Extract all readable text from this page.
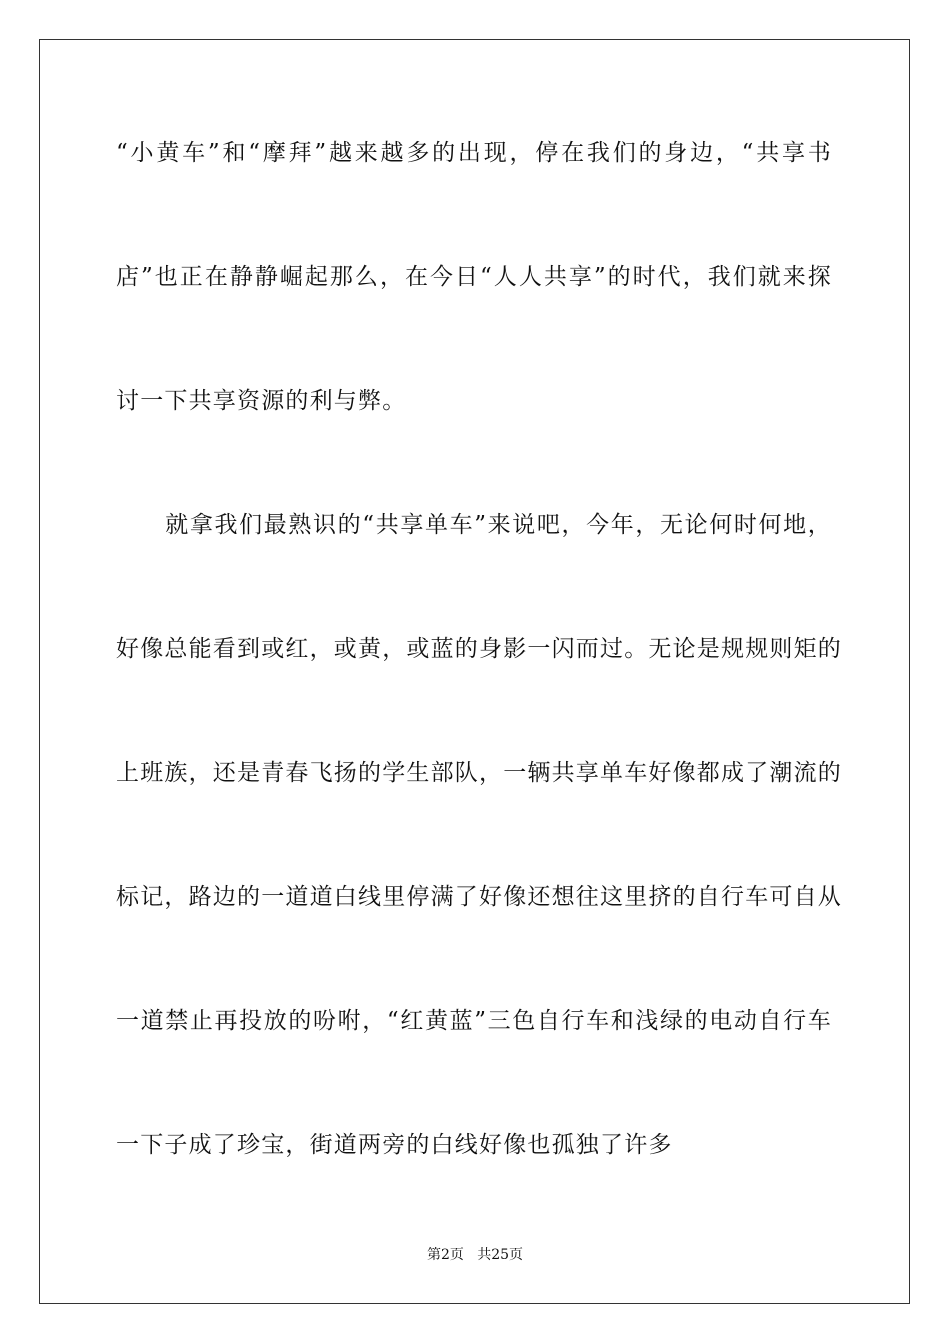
“小黄车”和“摩拜”越来越多的出现，停在我们的身边，“共享书
店”也正在静静崛起那么，在今日“人人共享”的时代，我们就来探
讨一下共享资源的利与弊。
　　就拿我们最熟识的“共享单车”来说吧，今年，无论何时何地，
好像总能看到或红，或黄，或蓝的身影一闪而过。无论是规规则矩的
上班族，还是青春飞扬的学生部队，一辆共享单车好像都成了潮流的
标记，路边的一道道白线里停满了好像还想往这里挤的自行车可自从
一道禁止再投放的吩咐，“红黄蓝”三色自行车和浅绿的电动自行车
一下子成了珍宝，街道两旁的白线好像也孤独了许多
第2页 共25页
